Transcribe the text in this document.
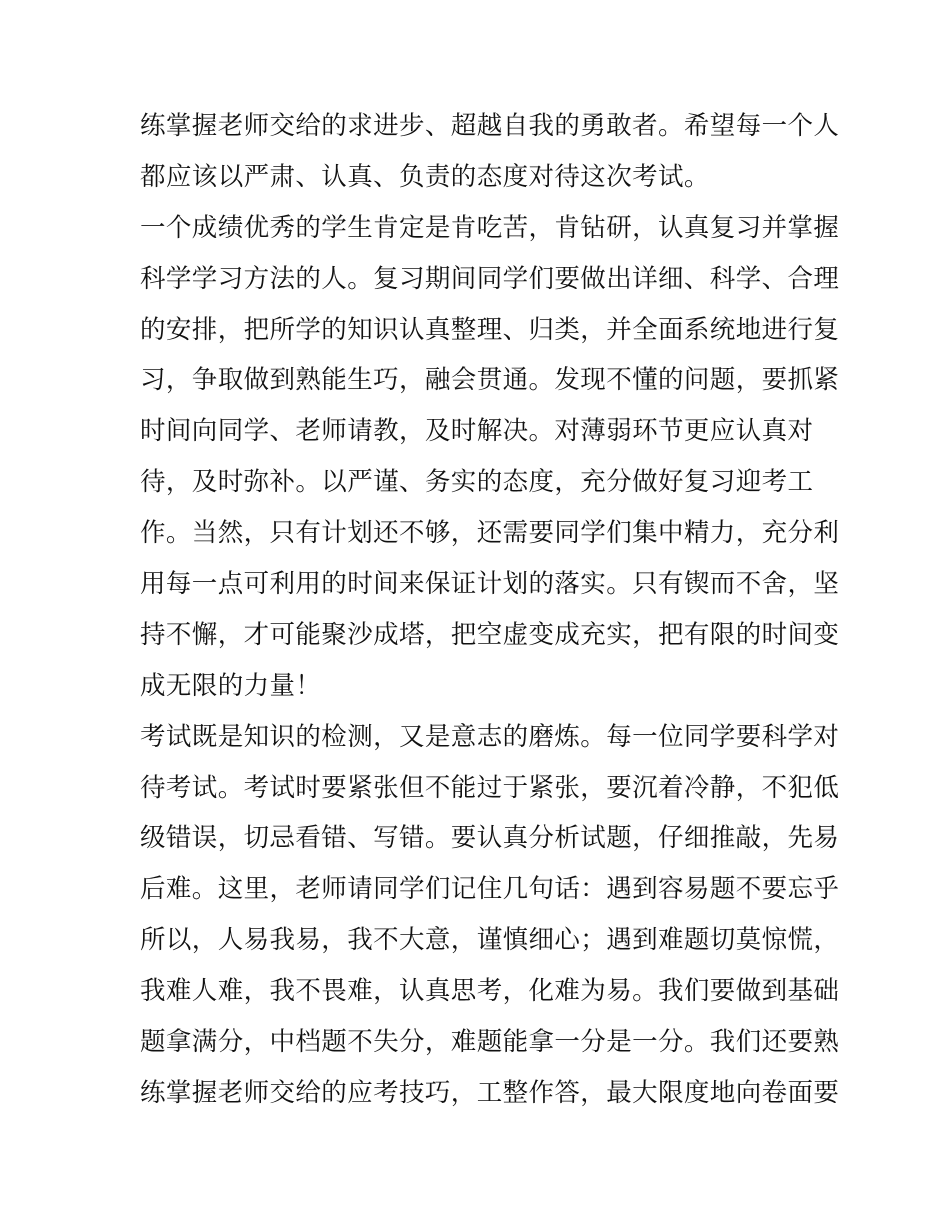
练掌握老师交给的求进步、超越自我的勇敢者。希望每一个人
都应该以严肃、认真、负责的态度对待这次考试。
一个成绩优秀的学生肯定是肯吃苦，肯钻研，认真复习并掌握
科学学习方法的人。复习期间同学们要做出详细、科学、合理
的安排，把所学的知识认真整理、归类，并全面系统地进行复
习，争取做到熟能生巧，融会贯通。发现不懂的问题，要抓紧
时间向同学、老师请教，及时解决。对薄弱环节更应认真对
待，及时弥补。以严谨、务实的态度，充分做好复习迎考工
作。当然，只有计划还不够，还需要同学们集中精力，充分利
用每一点可利用的时间来保证计划的落实。只有锲而不舍，坚
持不懈，才可能聚沙成塔，把空虚变成充实，把有限的时间变
成无限的力量！
考试既是知识的检测，又是意志的磨炼。每一位同学要科学对
待考试。考试时要紧张但不能过于紧张，要沉着冷静，不犯低
级错误，切忌看错、写错。要认真分析试题，仔细推敲，先易
后难。这里，老师请同学们记住几句话：遇到容易题不要忘乎
所以，人易我易，我不大意，谨慎细心；遇到难题切莫惊慌，
我难人难，我不畏难，认真思考，化难为易。我们要做到基础
题拿满分，中档题不失分，难题能拿一分是一分。我们还要熟
练掌握老师交给的应考技巧，工整作答，最大限度地向卷面要
